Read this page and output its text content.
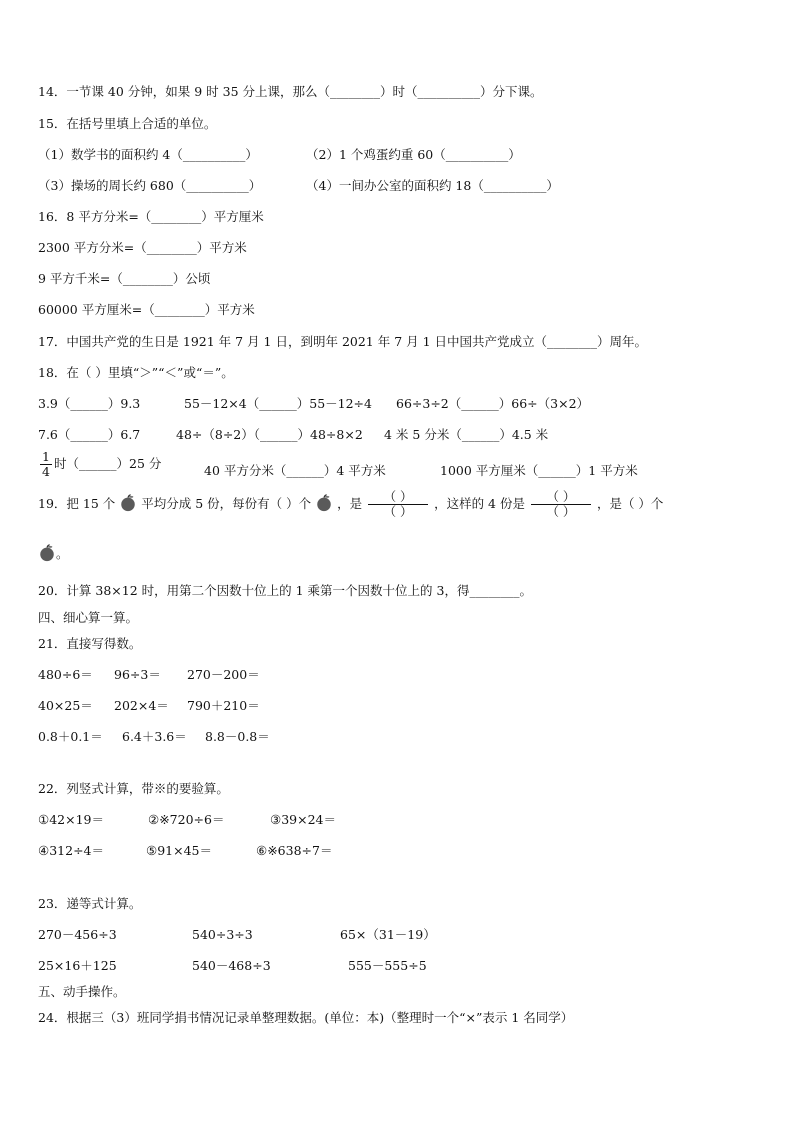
14．一节课 40 分钟，如果 9 时 35 分上课，那么（________）时（__________）分下课。
15．在括号里填上合适的单位。
（1）数学书的面积约 4（__________）	（2）1 个鸡蛋约重 60（__________）
（3）操场的周长约 680（__________）	（4）一间办公室的面积约 18（__________）
16．8 平方分米=（________）平方厘米
2300 平方分米=（________）平方米
9 平方千米=（________）公顷
60000 平方厘米=（________）平方米
17．中国共产党的生日是 1921 年 7 月 1 日，到明年 2021 年 7 月 1 日中国共产党成立（________）周年。
18．在（ ）里填“＞”“＜”或“＝”。
3.9（______）9.3	55－12×4（______）55－12÷4 66÷3÷2（______）66÷（3×2）
7.6（______）6.7	48÷（8÷2）（______）48÷8×2 4 米 5 分米（______）4.5 米
$\frac{1}{4}$ 时（______）25 分	40 平方分米（______）4 平方米	1000 平方厘米（______）1 平方米
19．把 15 个 平均分成 5 份，每份有（ ）个 ，是 $\frac{( )}{( )}$ ，这样的 4 份是 $\frac{( )}{( )}$ ，是（ ）个
。
20．计算 38×12 时，用第二个因数十位上的 1 乘第一个因数十位上的 3，得________。
四、细心算一算。
21．直接写得数。
480÷6＝ 96÷3＝ 270－200＝
40×25＝ 202×4＝ 790＋210＝
0.8＋0.1＝ 6.4＋3.6＝ 8.8－0.8＝
22．列竖式计算，带※的要验算。
①42×19＝	②※720÷6＝	③39×24＝
④312÷4＝	⑤91×45＝	⑥※638÷7＝
23．递等式计算。
270－456÷3	540÷3÷3	65×（31－19）
25×16＋125	540－468÷3	555－555÷5
五、动手操作。
24．根据三（3）班同学捐书情况记录单整理数据。(单位：本)（整理时一个“×”表示 1 名同学）
